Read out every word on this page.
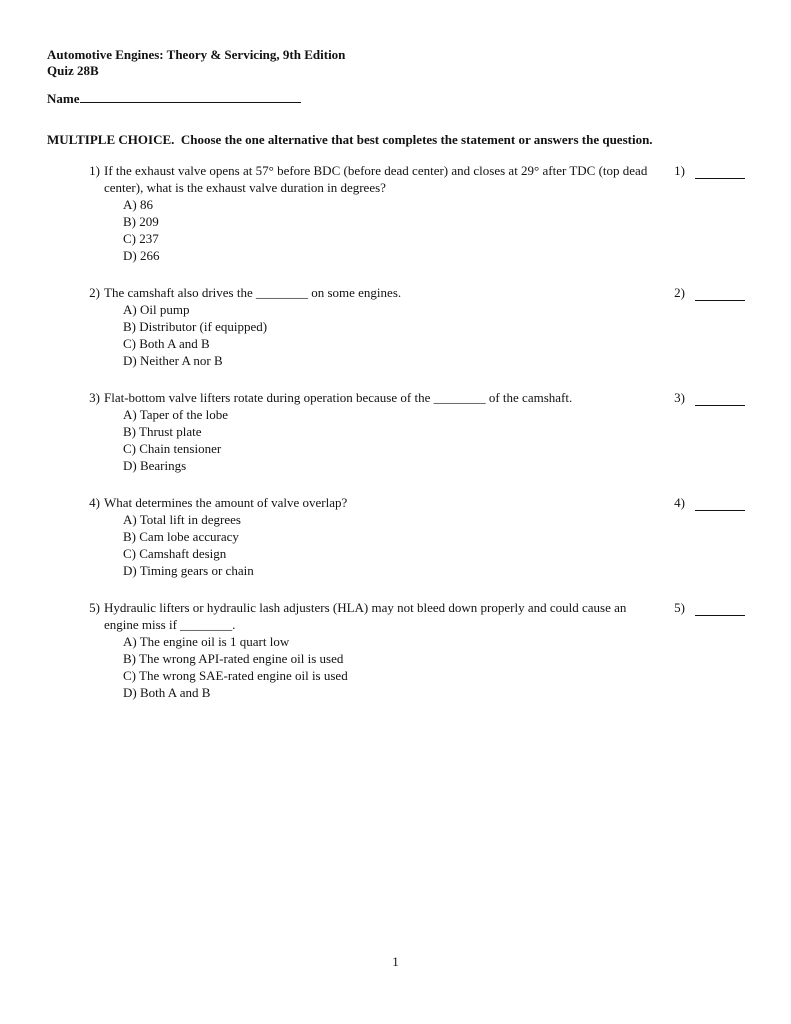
Automotive Engines: Theory & Servicing, 9th Edition
Quiz 28B
Name
MULTIPLE CHOICE.  Choose the one alternative that best completes the statement or answers the question.
1) If the exhaust valve opens at 57° before BDC (before dead center) and closes at 29° after TDC (top dead center), what is the exhaust valve duration in degrees?
A) 86
B) 209
C) 237
D) 266
1)
2) The camshaft also drives the ________ on some engines.
A) Oil pump
B) Distributor (if equipped)
C) Both A and B
D) Neither A nor B
2)
3) Flat-bottom valve lifters rotate during operation because of the ________ of the camshaft.
A) Taper of the lobe
B) Thrust plate
C) Chain tensioner
D) Bearings
3)
4) What determines the amount of valve overlap?
A) Total lift in degrees
B) Cam lobe accuracy
C) Camshaft design
D) Timing gears or chain
4)
5) Hydraulic lifters or hydraulic lash adjusters (HLA) may not bleed down properly and could cause an engine miss if ________.
A) The engine oil is 1 quart low
B) The wrong API-rated engine oil is used
C) The wrong SAE-rated engine oil is used
D) Both A and B
5)
1
